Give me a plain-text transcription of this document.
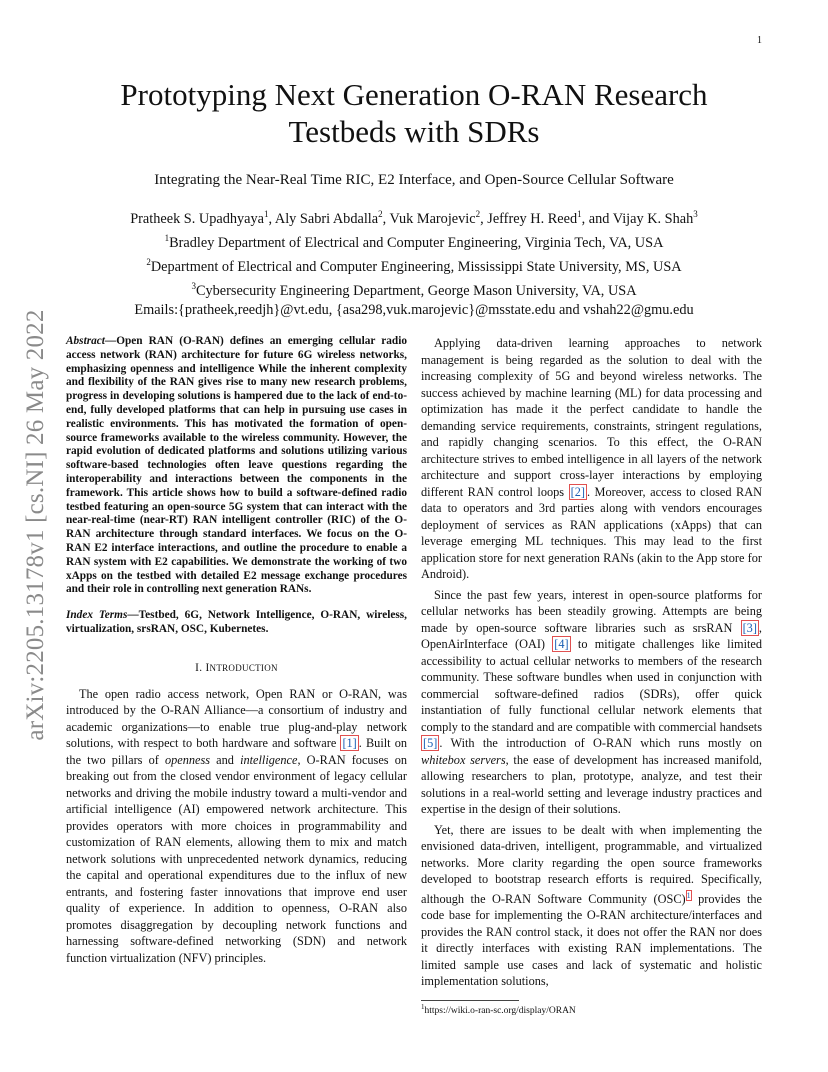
1
arXiv:2205.13178v1 [cs.NI] 26 May 2022
Prototyping Next Generation O-RAN Research
Testbeds with SDRs
Integrating the Near-Real Time RIC, E2 Interface, and Open-Source Cellular Software
Pratheek S. Upadhyaya$^1$, Aly Sabri Abdalla$^2$, Vuk Marojevic$^2$, Jeffrey H. Reed$^1$, and Vijay K. Shah$^3$
$^1$Bradley Department of Electrical and Computer Engineering, Virginia Tech, VA, USA
$^2$Department of Electrical and Computer Engineering, Mississippi State University, MS, USA
$^3$Cybersecurity Engineering Department, George Mason University, VA, USA
Emails:{pratheek,reedjh}@vt.edu, {asa298,vuk.marojevic}@msstate.edu and vshah22@gmu.edu
Abstract—Open RAN (O-RAN) defines an emerging cellular radio access network (RAN) architecture for future 6G wireless networks, emphasizing openness and intelligence While the inherent complexity and flexibility of the RAN gives rise to many new research problems, progress in developing solutions is hampered due to the lack of end-to-end, fully developed platforms that can help in pursuing use cases in realistic environments. This has motivated the formation of open-source frameworks available to the wireless community. However, the rapid evolution of dedicated platforms and solutions utilizing various software-based technologies often leave questions regarding the interoperability and interactions between the components in the framework. This article shows how to build a software-defined radio testbed featuring an open-source 5G system that can interact with the near-real-time (near-RT) RAN intelligent controller (RIC) of the O-RAN architecture through standard interfaces. We focus on the O-RAN E2 interface interactions, and outline the procedure to enable a RAN system with E2 capabilities. We demonstrate the working of two xApps on the testbed with detailed E2 message exchange procedures and their role in controlling next generation RANs.
Index Terms—Testbed, 6G, Network Intelligence, O-RAN, wireless, virtualization, srsRAN, OSC, Kubernetes.
I. INTRODUCTION

The open radio access network, Open RAN or O-RAN, was introduced by the O-RAN Alliance—a consortium of industry and academic organizations—to enable true plug-and-play network solutions, with respect to both hardware and software [1] . Built on the two pillars of openness and intelligence, O-RAN focuses on breaking out from the closed vendor environment of legacy cellular networks and driving the mobile industry toward a multi-vendor and artificial intelligence (AI) empowered network architecture. This provides operators with more choices in programmability and customization of RAN elements, allowing them to mix and match network solutions with unprecedented network dynamics, reducing the capital and operational expenditures due to the influx of new entrants, and fostering faster innovations that improve end user quality of experience. In addition to openness, O-RAN also promotes disaggregation by decoupling network functions and harnessing software-defined networking (SDN) and network function virtualization (NFV) principles.

Applying data-driven learning approaches to network management is being regarded as the solution to deal with the increasing complexity of 5G and beyond wireless networks. The success achieved by machine learning (ML) for data processing and optimization has made it the perfect candidate to handle the demanding service requirements, constraints, stringent regulations, and rapidly changing scenarios. To this effect, the O-RAN architecture strives to embed intelligence in all layers of the network architecture and support cross-layer interactions by employing different RAN control loops [2] . Moreover, access to closed RAN data to operators and 3rd parties along with vendors encourages deployment of services as RAN applications (xApps) that can leverage emerging ML techniques. This may lead to the first application store for next generation RANs (akin to the App store for Android).

Since the past few years, interest in open-source platforms for cellular networks has been steadily growing. Attempts are being made by open-source software libraries such as srsRAN [3] , OpenAirInterface (OAI) [4] to mitigate challenges like limited accessibility to actual cellular networks to members of the research community. These software bundles when used in conjunction with commercial software-defined radios (SDRs), offer quick instantiation of fully functional cellular network elements that comply to the standard and are compatible with commercial handsets [5] . With the introduction of O-RAN which runs mostly on whitebox servers, the ease of development has increased manifold, allowing researchers to plan, prototype, analyze, and test their solutions in a real-world setting and leverage industry practices and expertise in the design of their solutions.

Yet, there are issues to be dealt with when implementing the envisioned data-driven, intelligent, programmable, and virtualized networks. More clarity regarding the open source frameworks developed to bootstrap research efforts is required. Specifically, although the O-RAN Software Community (OSC)$^1$ provides the code base for implementing the O-RAN architecture/interfaces and provides the RAN control stack, it does not offer the RAN nor does it directly interfaces with existing RAN implementations. The limited sample use cases and lack of systematic and holistic implementation solutions,

$^1$https://wiki.o-ran-sc.org/display/ORAN
